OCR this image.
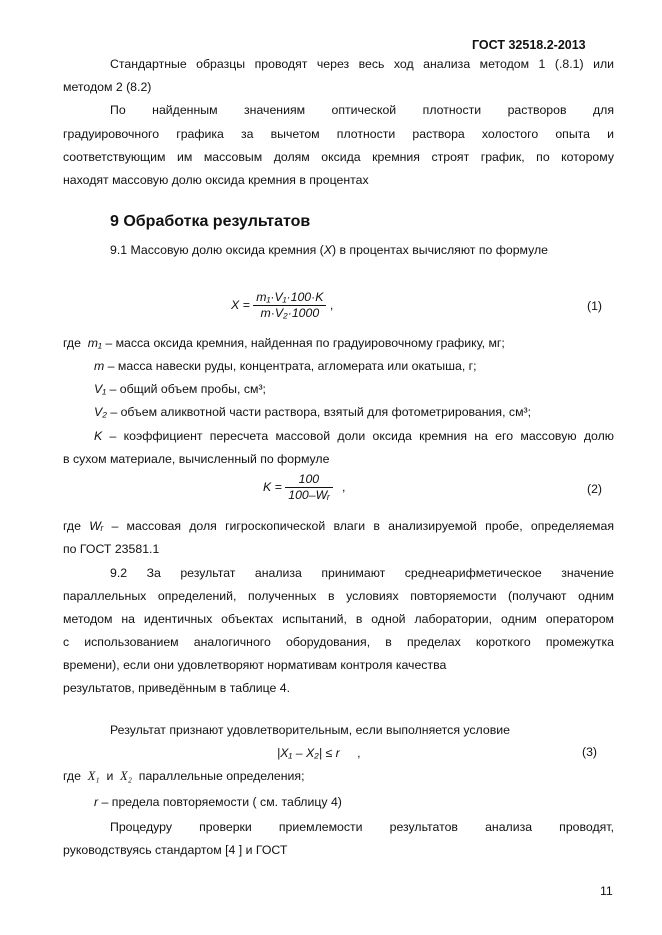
ГОСТ 32518.2-2013
Стандартные образцы проводят через весь ход анализа методом 1 (.8.1) или
методом 2 (8.2)
По найденным значениям оптической плотности растворов для
градуировочного графика за вычетом плотности раствора холостого опыта и
соответствующим им массовым долям оксида кремния строят график, по которому
находят массовую долю оксида кремния в процентах
9 Обработка результатов
9.1 Массовую долю оксида кремния (X) в процентах вычисляют по формуле
$X = \frac{\text{m₁·V₁·100·K}}{\text{m·V₂·1000}}$ ,	(1)
где m₁ – масса оксида кремния, найденная по градуировочному графику, мг;
m – масса навески руды, концентрата, агломерата или окатыша, г;
V₁ – общий объем пробы, см³;
V₂ – объем аликвотной части раствора, взятый для фотометрирования, см³;
K – коэффициент пересчета массовой доли оксида кремния на его массовую долю
в сухом материале, вычисленный по формуле
$K = \frac{100}{\text{100–Wᵣ}}$ ,	(2)
где Wᵣ – массовая доля гигроскопической влаги в анализируемой пробе, определяемая
по ГОСТ 23581.1
9.2 За результат анализа принимают среднеарифметическое значение
параллельных определений, полученных в условиях повторяемости (получают одним
методом на идентичных объектах испытаний, в одной лаборатории, одним оператором
с использованием аналогичного оборудования, в пределах короткого промежутка
времени), если они удовлетворяют нормативам контроля качества
результатов, приведённым в таблице 4.
Результат признают удовлетворительным, если выполняется условие
|X₁ – X₂| ≤ r ,	(3)
где X₁ и X₂ параллельные определения;
r – предела повторяемости ( см. таблицу 4)
Процедуру проверки приемлемости результатов анализа проводят,
руководствуясь стандартом [4 ] и ГОСТ
11
